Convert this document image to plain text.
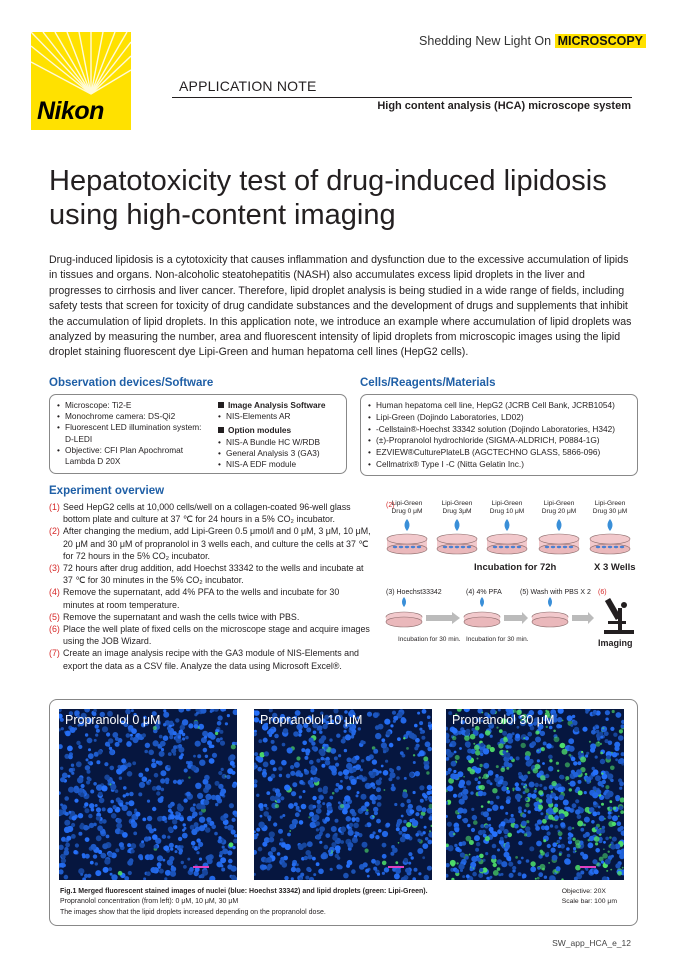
Nikon
Shedding New Light On MICROSCOPY
APPLICATION NOTE
High content analysis (HCA) microscope system
Hepatotoxicity test of drug-induced lipidosis using high-content imaging

Drug-induced lipidosis is a cytotoxicity that causes inflammation and dysfunction due to the excessive accumulation of lipids in tissues and organs. Non-alcoholic steatohepatitis (NASH) also accumulates excess lipid droplets in the liver and progresses to cirrhosis and liver cancer. Therefore, lipid droplet analysis is being studied in a wide range of fields, including safety tests that screen for toxicity of drug candidate substances and the development of drugs and supplements that inhibit the accumulation of lipid droplets. In this application note, we introduce an example where accumulation of lipid droplets was analyzed by measuring the number, area and fluorescent intensity of lipid droplets from microscopic images using the lipid droplet staining fluorescent dye Lipi-Green and human hepatoma cell lines (HepG2 cells).

Observation devices/Software
• Microscope: Ti2-E
• Monochrome camera: DS-Qi2
• Fluorescent LED illumination system: D-LEDI
• Objective: CFI Plan Apochromat Lambda D 20X
Image Analysis Software
• NIS-Elements AR
Option modules
• NIS-A Bundle HC W/RDB
• General Analysis 3 (GA3)
• NIS-A EDF module
Cells/Reagents/Materials
• Human hepatoma cell line, HepG2 (JCRB Cell Bank, JCRB1054)
• Lipi-Green (Dojindo Laboratories, LD02)
• -Cellstain®-Hoechst 33342 solution (Dojindo Laboratories, H342)
• (±)-Propranolol hydrochloride (SIGMA-ALDRICH, P0884-1G)
• EZVIEW®CulturePlateLB (AGCTECHNO GLASS, 5866-096)
• Cellmatrix® Type I -C (Nitta Gelatin Inc.)
Experiment overview
(1) Seed HepG2 cells at 10,000 cells/well on a collagen-coated 96-well glass bottom plate and culture at 37 ℃ for 24 hours in a 5% CO₂ incubator.
(2) After changing the medium, add Lipi-Green 0.5 μmol/l and 0 μM, 3 μM, 10 μM, 20 μM and 30 μM of propranolol in 3 wells each, and culture the cells at 37 ℃ for 72 hours in the 5% CO₂ incubator.
(3) 72 hours after drug addition, add Hoechst 33342 to the wells and incubate at 37 ℃ for 30 minutes in the 5% CO₂ incubator.
(4) Remove the supernatant, add 4% PFA to the wells and incubate for 30 minutes at room temperature.
(5) Remove the supernatant and wash the cells twice with PBS.
(6) Place the well plate of fixed cells on the microscope stage and acquire images using the JOB Wizard.
(7) Create an image analysis recipe with the GA3 module of NIS-Elements and export the data as a CSV file. Analyze the data using Microsoft Excel®.
Lipi-Green
Drug 0 μM
Lipi-Green
Drug 3μM
Lipi-Green
Drug 10 μM
Lipi-Green
Drug 20 μM
Lipi-Green
Drug 30 μM
(2)
Incubation for 72h	X 3 Wells
(3) Hoechst33342	(4) 4% PFA	(5) Wash with PBS X 2 (6)
Incubation for 30 min. Incubation for 30 min.	Imaging
Propranolol 0 μM	Propranolol 10 μM	Propranolol 30 μM
Fig.1 Merged fluorescent stained images of nuclei (blue: Hoechst 33342) and lipid droplets (green: Lipi-Green).
Propranolol concentration (from left): 0 μM, 10 μM, 30 μM
The images show that the lipid droplets increased depending on the propranolol dose.
Objective: 20X
Scale bar: 100 μm
SW_app_HCA_e_12
